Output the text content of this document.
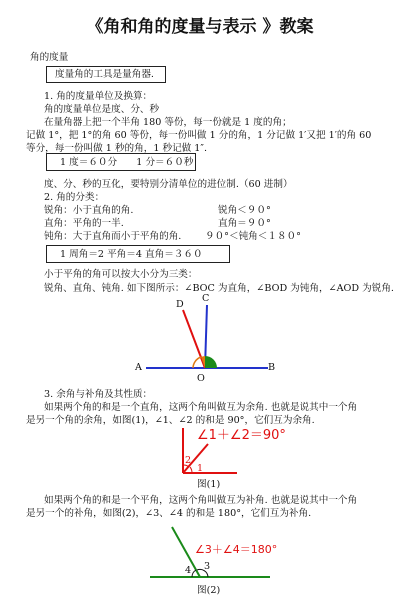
《角和角的度量与表示 》教案
角的度量
度量角的工具是量角器.
1. 角的度量单位及换算：
角的度量单位是度、分、秒
在量角器上把一个半角 180 等份，每一份就是 1 度的角；
记做 1°，把 1°的角 60 等份，每一份叫做 1 分的角，1 分记做 1′又把 1′的角 60
等分，每一份叫做 1 秒的角，1 秒记做 1″.
1 度＝６０分　　1 分＝６０秒
度、分、秒的互化，要特别分清单位的进位制.（60 进制）
2. 角的分类：
锐角：小于直角的角.	锐角＜９０°
直角：平角的一半.	直角＝９０°
钝角：大于直角而小于平角的角. ９０°＜钝角＜１８０°
1 周角＝2 平角＝4 直角＝３６０
小于平角的角可以按大小分为三类：
锐角、直角、钝角. 如下图所示：∠BOC 为直角，∠BOD 为钝角，∠AOD 为锐角.
A	B
C
D
O
3. 余角与补角及其性质：
如果两个角的和是一个直角，这两个角叫做互为余角. 也就是说其中一个角
是另一个角的余角，如图(1)，∠1、∠2 的和是 90°，它们互为余角.
∠1＋∠2＝90°
1
2
图(1)
如果两个角的和是一个平角，这两个角叫做互为补角. 也就是说其中一个角
是另一个的补角，如图(2)，∠3、∠4 的和是 180°，它们互为补角.
∠3＋∠4＝180°
3
4
图(2)
